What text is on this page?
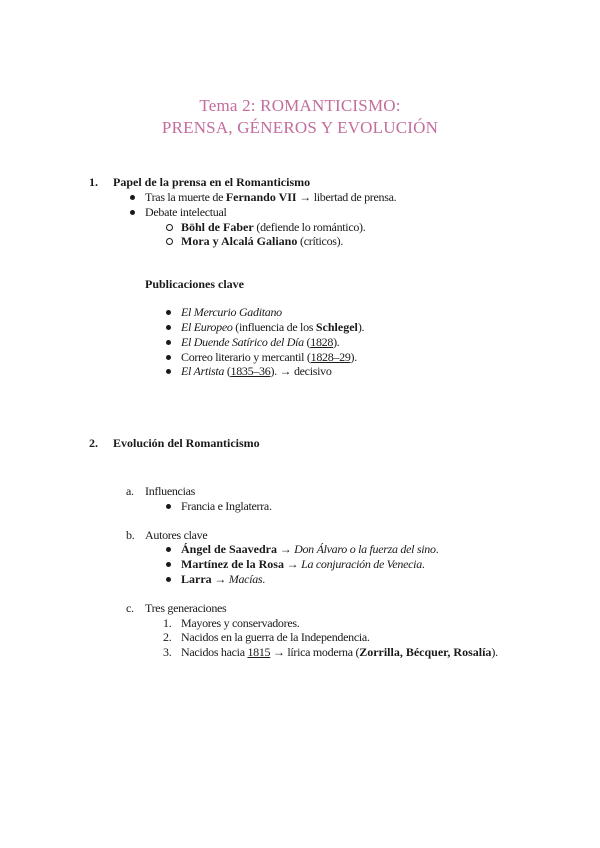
Tema 2: ROMANTICISMO:
PRENSA, GÉNEROS Y EVOLUCIÓN
1. Papel de la prensa en el Romanticismo
Tras la muerte de Fernando VII → libertad de prensa.
Debate intelectual
Böhl de Faber (defiende lo romántico).
Mora y Alcalá Galiano (críticos).
Publicaciones clave
El Mercurio Gaditano
El Europeo (influencia de los Schlegel).
El Duende Satírico del Día (1828).
Correo literario y mercantil (1828–29).
El Artista (1835–36). → decisivo
2. Evolución del Romanticismo
a. Influencias
Francia e Inglaterra.
b. Autores clave
Ángel de Saavedra → Don Álvaro o la fuerza del sino.
Martínez de la Rosa → La conjuración de Venecia.
Larra → Macías.
c. Tres generaciones
1. Mayores y conservadores.
2. Nacidos en la guerra de la Independencia.
3. Nacidos hacia 1815 → lírica moderna (Zorrilla, Bécquer, Rosalía).
